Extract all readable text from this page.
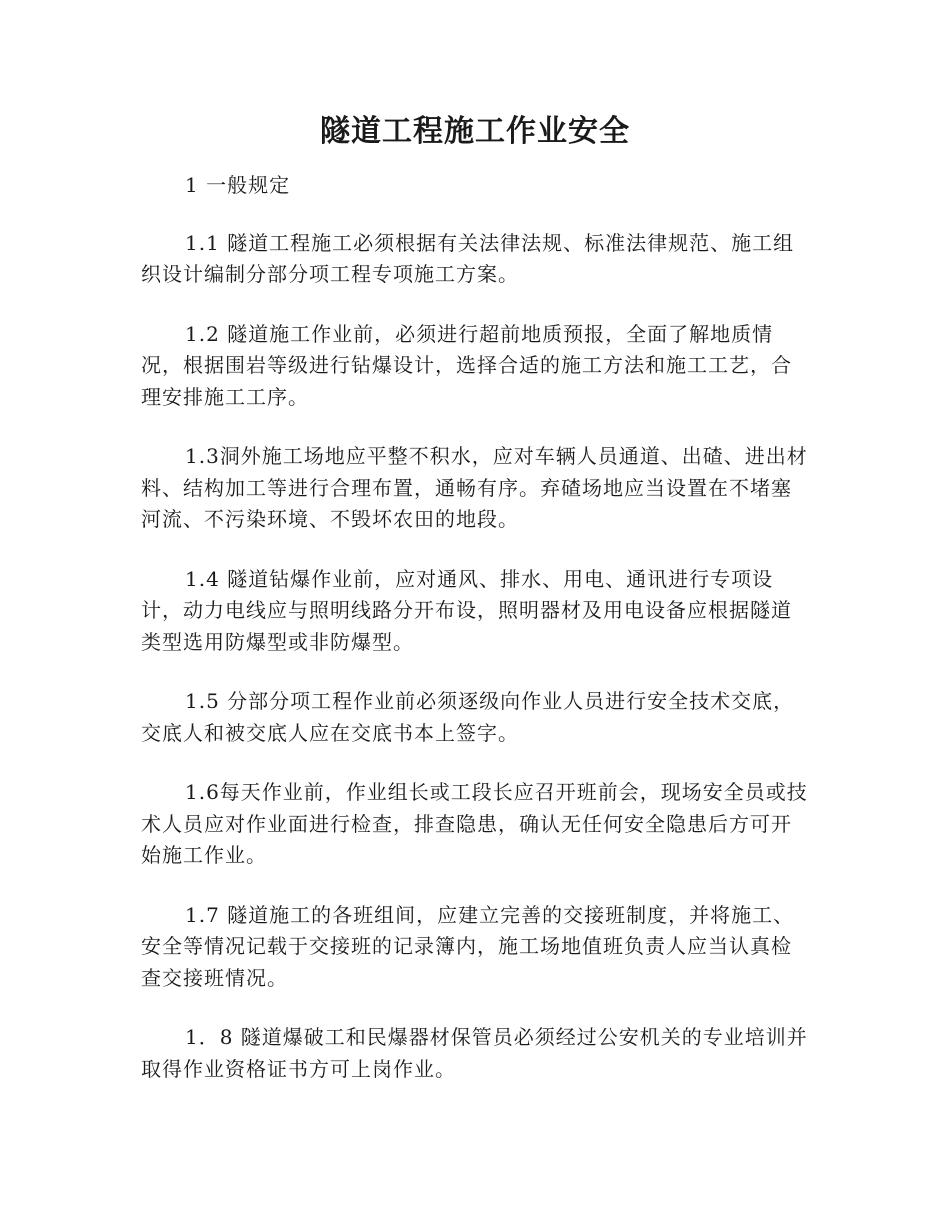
隧道工程施工作业安全

1 一般规定

1.1 隧道工程施工必须根据有关法律法规、标准法律规范、施工组织设计编制分部分项工程专项施工方案。

1.2 隧道施工作业前，必须进行超前地质预报，全面了解地质情况，根据围岩等级进行钻爆设计，选择合适的施工方法和施工工艺，合理安排施工工序。

1.3洞外施工场地应平整不积水，应对车辆人员通道、出碴、进出材料、结构加工等进行合理布置，通畅有序。弃碴场地应当设置在不堵塞河流、不污染环境、不毁坏农田的地段。

1.4 隧道钻爆作业前，应对通风、排水、用电、通讯进行专项设计，动力电线应与照明线路分开布设，照明器材及用电设备应根据隧道类型选用防爆型或非防爆型。

1.5 分部分项工程作业前必须逐级向作业人员进行安全技术交底，交底人和被交底人应在交底书本上签字。

1.6每天作业前，作业组长或工段长应召开班前会，现场安全员或技术人员应对作业面进行检查，排查隐患，确认无任何安全隐患后方可开始施工作业。

1.7 隧道施工的各班组间，应建立完善的交接班制度，并将施工、安全等情况记载于交接班的记录簿内，施工场地值班负责人应当认真检查交接班情况。

1．8 隧道爆破工和民爆器材保管员必须经过公安机关的专业培训并取得作业资格证书方可上岗作业。
